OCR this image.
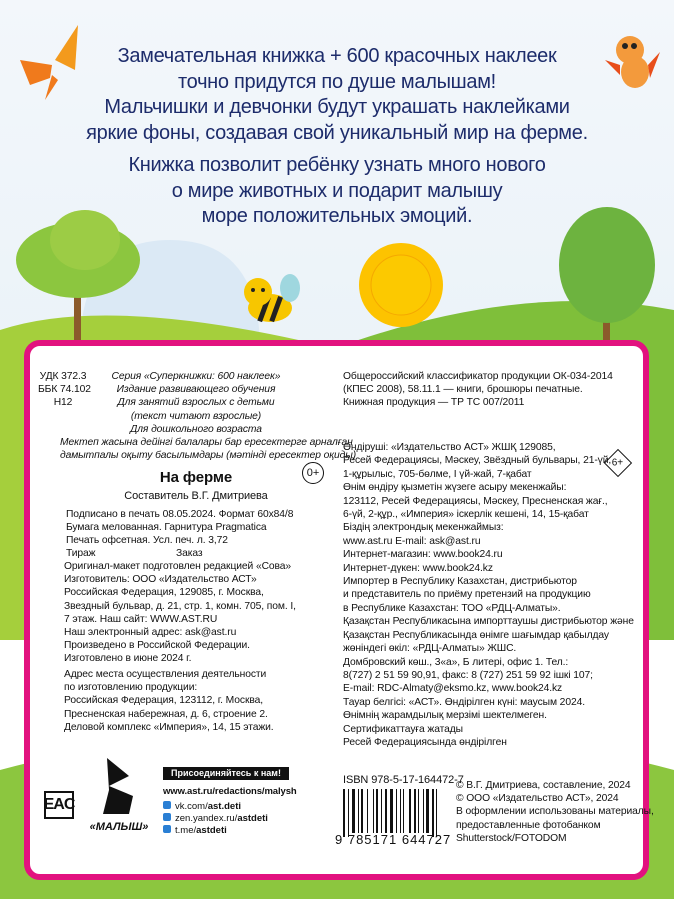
Замечательная книжка + 600 красочных наклеек
точно придутся по душе малышам!
Мальчишки и девчонки будут украшать наклейками
яркие фоны, создавая свой уникальный мир на ферме.

Книжка позволит ребёнку узнать много нового
о мире животных и подарит малышу
море положительных эмоций.

УДК 372.3
ББК 74.102
Н12
Серия «Суперкнижки: 600 наклеек»
Издание развивающего обучения
Для занятий взрослых с детьми
(текст читают взрослые)
Для дошкольного возраста
Мектеп жасына дейінгі балалары бар ересектерге арналған
дамытпалы оқыту басылымдары (мәтінді ересектер оқиды)
На ферме	0+
Составитель В.Г. Дмитриева
Подписано в печать 08.05.2024. Формат 60x84/8
Бумага мелованная. Гарнитура Pragmatica
Печать офсетная. Усл. печ. л. 3,72
Тираж	Заказ
Оригинал-макет подготовлен редакцией «Сова»
Изготовитель: ООО «Издательство АСТ»
Российская Федерация, 129085, г. Москва,
Звездный бульвар, д. 21, стр. 1, комн. 705, пом. I,
7 этаж. Наш сайт: WWW.AST.RU
Наш электронный адрес: ask@ast.ru
Произведено в Российской Федерации.
Изготовлено в июне 2024 г.
Адрес места осуществления деятельности
по изготовлению продукции:
Российская Федерация, 123112, г. Москва,
Пресненская набережная, д. 6, строение 2.
Деловой комплекс «Империя», 14, 15 этажи.
Общероссийский классификатор продукции ОК-034-2014
(КПЕС 2008), 58.11.1 — книги, брошюры печатные.
Книжная продукция — ТР ТС 007/2011
6+
Өндіруші: «Издательство АСТ» ЖШҚ 129085,
Ресей Федерациясы, Мәскеу, Звёздный бульвары, 21-үй,
1-құрылыс, 705-бөлме, I үй-жай, 7-қабат
Өнім өндіру қызметін жүзеге асыру мекенжайы:
123112, Ресей Федерациясы, Мәскеу, Пресненская жағ.,
6-үй, 2-құр., «Империя» іскерлік кешені, 14, 15-қабат
Біздің электрондық мекенжаймыз:
www.ast.ru E-mail: ask@ast.ru
Интернет-магазин: www.book24.ru
Интернет-дүкен: www.book24.kz
Импортер в Республику Казахстан, дистрибьютор
и представитель по приёму претензий на продукцию
в Республике Казахстан: ТОО «РДЦ-Алматы».
Қазақстан Республикасына импорттаушы дистрибьютор және
Қазақстан Республикасында өнімге шағымдар қабылдау
жөніндегі өкіл: «РДЦ-Алматы» ЖШС.
Домбровский көш., 3«а», Б литері, офис 1. Тел.:
8(727) 2 51 59 90,91, факс: 8 (727) 251 59 92 ішкі 107;
E-mail: RDC-Almaty@eksmo.kz, www.book24.kz
Тауар белгісі: «АСТ». Өндірілген күні: маусым 2024.
Өнімнің жарамдылық мерзімі шектелмеген.
Сертификаттауға жатады
Ресей Федерациясында өндірілген
EAC
«МАЛЫШ»
Присоединяйтесь к нам!
www.ast.ru/redactions/malysh
vk.com/ast.deti
zen.yandex.ru/astdeti
t.me/astdeti
ISBN 978-5-17-164472-7
9 785171 644727
© В.Г. Дмитриева, составление, 2024
© ООО «Издательство АСТ», 2024
В оформлении использованы материалы,
предоставленные фотобанком
Shutterstock/FOTODOM
